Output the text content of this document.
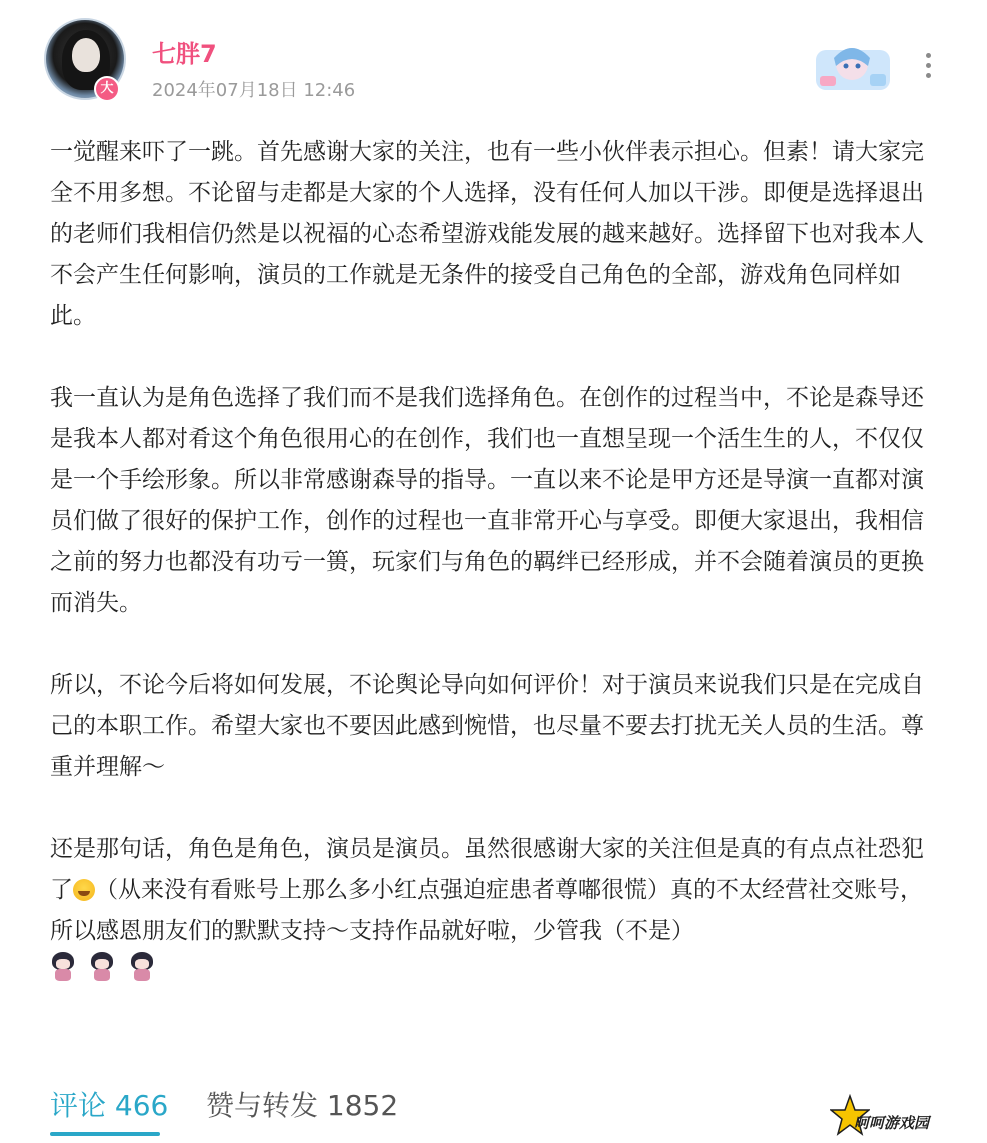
大
七胖7
2024年07月18日 12:46

一觉醒来吓了一跳。首先感谢大家的关注，也有一些小伙伴表示担心。但素！请大家完全不用多想。不论留与走都是大家的个人选择，没有任何人加以干涉。即便是选择退出的老师们我相信仍然是以祝福的心态希望游戏能发展的越来越好。选择留下也对我本人不会产生任何影响，演员的工作就是无条件的接受自己角色的全部，游戏角色同样如此。

我一直认为是角色选择了我们而不是我们选择角色。在创作的过程当中，不论是森导还是我本人都对肴这个角色很用心的在创作，我们也一直想呈现一个活生生的人，不仅仅是一个手绘形象。所以非常感谢森导的指导。一直以来不论是甲方还是导演一直都对演员们做了很好的保护工作，创作的过程也一直非常开心与享受。即便大家退出，我相信之前的努力也都没有功亏一篑，玩家们与角色的羁绊已经形成，并不会随着演员的更换而消失。

所以，不论今后将如何发展，不论舆论导向如何评价！对于演员来说我们只是在完成自己的本职工作。希望大家也不要因此感到惋惜，也尽量不要去打扰无关人员的生活。尊重并理解～

还是那句话，角色是角色，演员是演员。虽然很感谢大家的关注但是真的有点点社恐犯了 （从来没有看账号上那么多小红点强迫症患者尊嘟很慌）真的不太经营社交账号，所以感恩朋友们的默默支持～支持作品就好啦，少管我（不是）

评论 466 赞与转发 1852
呵呵游戏园
